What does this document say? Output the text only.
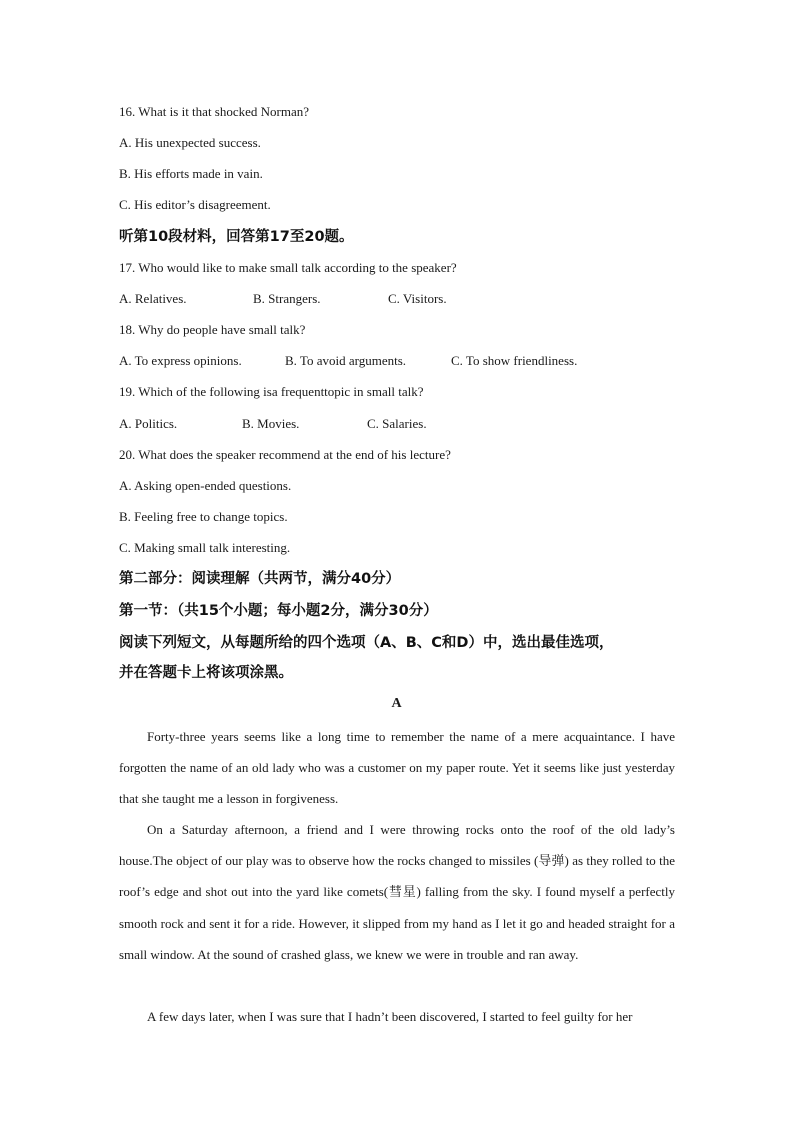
16. What is it that shocked Norman?
A. His unexpected success.
B. His efforts made in vain.
C. His editor’s disagreement.
听第10段材料，回答第17至20题。
17. Who would like to make small talk according to the speaker?
A. Relatives.	B. Strangers.	C. Visitors.
18. Why do people have small talk?
A. To express opinions.	B. To avoid arguments.	C. To show friendliness.
19. Which of the following isa frequenttopic in small talk?
A. Politics.	B. Movies.	C. Salaries.
20. What does the speaker recommend at the end of his lecture?
A. Asking open-ended questions.
B. Feeling free to change topics.
C. Making small talk interesting.
第二部分：阅读理解（共两节，满分40分）
第一节：（共15个小题；每小题2分，满分30分）
阅读下列短文，从每题所给的四个选项（A、B、C和D）中，选出最佳选项，
并在答题卡上将该项涂黑。
A
Forty-three years seems like a long time to remember the name of a mere acquaintance. I have forgotten the name of an old lady who was a customer on my paper route. Yet it seems like just yesterday that she taught me a lesson in forgiveness.
On a Saturday afternoon, a friend and I were throwing rocks onto the roof of the old lady’s house.The object of our play was to observe how the rocks changed to missiles (导弹) as they rolled to the roof’s edge and shot out into the yard like comets(彗星) falling from the sky. I found myself a perfectly smooth rock and sent it for a ride. However, it slipped from my hand as I let it go and headed straight for a small window. At the sound of crashed glass, we knew we were in trouble and ran away.
A few days later, when I was sure that I hadn’t been discovered, I started to feel guilty for her
